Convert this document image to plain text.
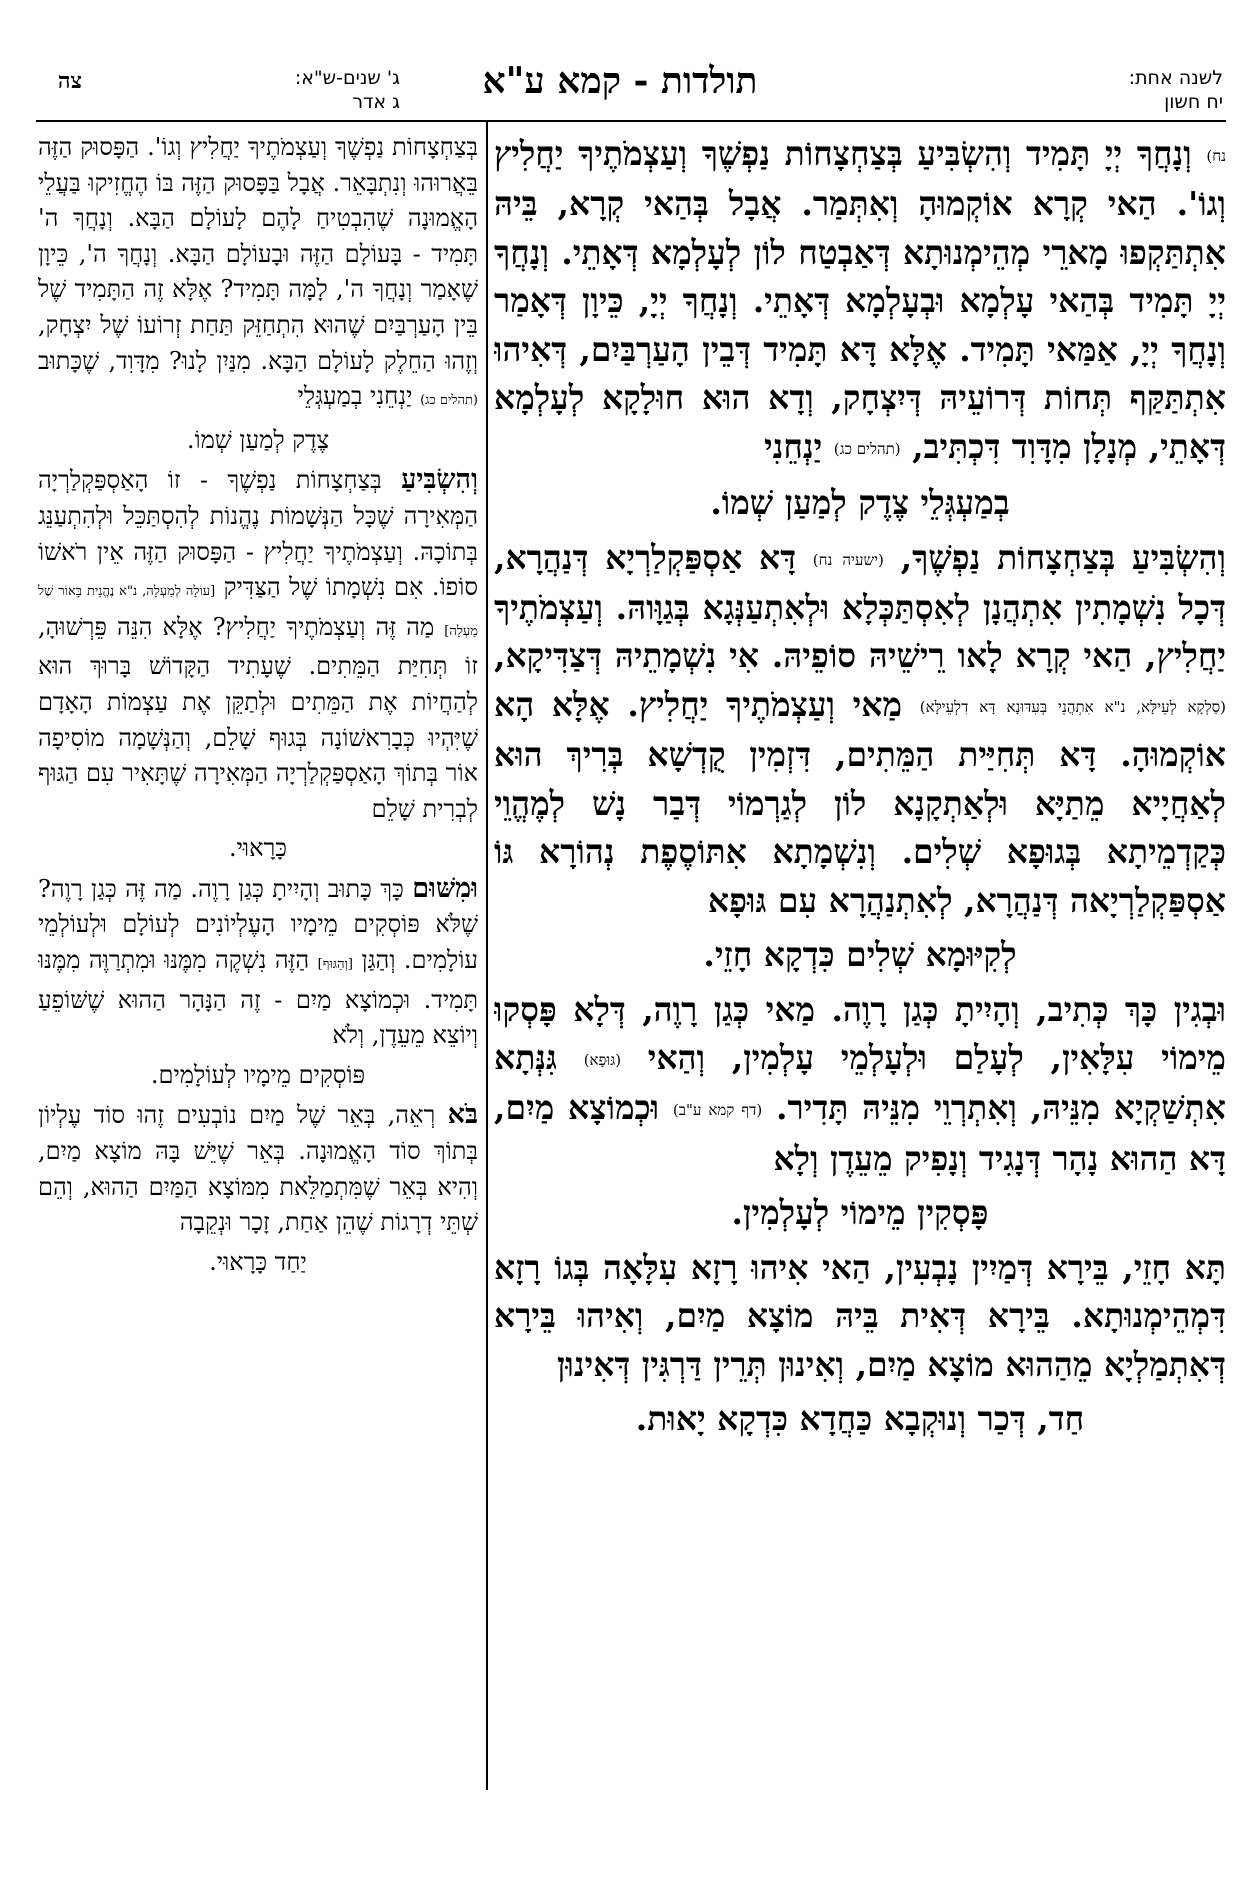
לשנה אחת:
יח חשון
תולדות - קמא ע"א
ג' שנים-ש"א:
ג אדר
צה

נח) וְנָחֲךָ יְיָ תָּמִיד וְהִשְׂבִּיעַ בְּצַחְצָחוֹת נַפְשֶׁךָ וְעַצְמֹתֶיךָ יַחֲלִיץ וְגוֹ'. הַאי קְרָא אוֹקְמוּהָ וְאִתְּמַר. אֲבָל בְּהַאי קְרָא, בֵּיהּ אִתְתַּקְפוּ מָארֵי מְהֵימְנוּתָא דְּאַבְטַח לוֹן לְעָלְמָא דְּאָתֵי. וְנָחֲךָ יְיָ תָּמִיד בְּהַאי עָלְמָא וּבְעָלְמָא דְּאָתֵי. וְנָחֲךָ יְיָ, כֵּיוָן דְּאָמַר וְנָחֲךָ יְיָ, אַמַּאי תָּמִיד. אֶלָּא דָּא תָּמִיד דְּבֵין הָעַרְבַּיִם, דְּאִיהוּ אִתְתַּקַּף תְּחוֹת דְּרוֹעֵיהּ דְּיִצְחָק, וְדָא הוּא חוּלָקָא לְעָלְמָא דְּאָתֵי, מְנָלָן מִדָּוִד דִּכְתִּיב, (תהלים כג) יַנְחֵנִי

בְמַעְגְּלֵי צֶדֶק לְמַעַן שְׁמוֹ.

וְהִשְׂבִּיעַ בְּצַחְצָחוֹת נַפְשֶׁךָ, (ישעיה נח) דָּא אַסְפַּקְלַרְיָא דְּנַהֲרָא, דְּכָל נִשְׁמָתִין אִתְהֲנָן לְאִסְתַּכְּלָא וּלְאִתְעַנְּגָא בְּגַוָּוהּ. וְעַצְמֹתֶיךָ יַחֲלִיץ, הַאי קְרָא לָאו רֵישֵׁיהּ סוֹפֵיהּ. אִי נִשְׁמָתֵיהּ דְּצַדִּיקָא, (סַלְקָא לְעֵילָּא, נ"א אִתְהֲנֵי בְּעִדּוּנָא דָּא דִלְעֵילָּא) מַאי וְעַצְמֹתֶיךָ יַחֲלִיץ. אֶלָּא הָא אוֹקְמוּהָ. דָּא תְּחִיַּית הַמֵּתִים, דִּזְמִין קֻדְשָׁא בְּרִיךְ הוּא לְאַחֲיָיא מֵתַיָּא וּלְאַתְקָנָא לוֹן לְגַרְמוֹי דְּבַר נָשׁ לְמֶהֱוֵי כְּקַדְמֵיתָא בְּגוּפָא שְׁלִים. וְנִשְׁמָתָא אִתּוֹסֶפֶת נְהוֹרָא גּוֹ אַסְפַּקְלַרְיָאה דְּנַהֲרָא, לְאִתְנַהֲרָא עִם גּוּפָא

לְקִיּוּמָא שְׁלִים כִּדְקָא חָזֵי.

וּבְגִין כָּךְ כְּתִיב, וְהָיִיתָ כְּגַן רָוֶה. מַאי כְּגַן רָוֶה, דְּלָא פָּסְקוּ מֵימוֹי עִלָּאִין, לְעָלַם וּלְעָלְמֵי עָלְמִין, וְהַאי (גּוּפָא) גִּנְּתָא אִתְשַׁקְיָא מִנֵּיהּ, וְאִתְרְוֵי מִנֵּיהּ תָּדִיר. (דף קמא ע"ב) וּכְמוֹצָא מַיִם, דָּא הַהוּא נָהָר דְּנָגִיד וְנָפִיק מֵעֵדֶן וְלָא

פָּסְקִין מֵימוֹי לְעָלְמִין.

תָּא חָזֵי, בֵּירָא דְּמַיִין נָבְעִין, הַאי אִיהוּ רָזָא עִלָּאָה בְּגוֹ רָזָא דִּמְהֵימְנוּתָא. בֵּירָא דְּאִית בֵּיהּ מוֹצָא מַיִם, וְאִיהוּ בֵּירָא דְּאִתְמַלְיָא מֵהַהוּא מוֹצָא מַיִם, וְאִינוּן תְּרֵין דַּרְגִּין דְּאִינוּן

חַד, דְּכַר וְנוּקְבָא כַּחֲדָא כִּדְקָא יָאוּת.

בְּצַחְצָחוֹת נַפְשֶׁךָ וְעַצְמֹתֶיךָ יַחֲלִיץ וְגוֹ'. הַפָּסוּק הַזֶּה בֵּאֲרוּהוּ וְנִתְבָּאֵר. אֲבָל בַּפָּסוּק הַזֶּה בּוֹ הֶחֱזִיקוּ בַּעֲלֵי הָאֱמוּנָה שֶׁהִבְטִיחַ לָהֶם לָעוֹלָם הַבָּא. וְנָחֲךָ ה' תָּמִיד - בָּעוֹלָם הַזֶּה וּבָעוֹלָם הַבָּא. וְנָחֲךָ ה', כֵּיוָן שֶׁאָמַר וְנָחֲךָ ה', לָמָּה תָּמִיד? אֶלָּא זֶה הַתָּמִיד שֶׁל בֵּין הָעַרְבַּיִם שֶׁהוּא הִתְחַזֵּק תַּחַת זְרוֹעוֹ שֶׁל יִצְחָק, וְזֶהוּ הַחֵלֶק לָעוֹלָם הַבָּא. מִנַּיִן לָנוּ? מִדָּוִד, שֶׁכָּתוּב (תהלים כג) יַנְחֵנִי בְמַעְגְּלֵי

צֶדֶק לְמַעַן שְׁמוֹ.

וְהִשְׂבִּיעַ בְּצַחְצָחוֹת נַפְשֶׁךָ - זוֹ הָאַסְפַּקְלַרְיָה הַמְּאִירָה שֶׁכָּל הַנְּשָׁמוֹת נֶהֱנוֹת לְהִסְתַּכֵּל וּלְהִתְעַנֵּג בְּתוֹכָהּ. וְעַצְמֹתֶיךָ יַחֲלִיץ - הַפָּסוּק הַזֶּה אֵין רֹאשׁוֹ סוֹפוֹ. אִם נִשְׁמָתוֹ שֶׁל הַצַּדִּיק [עוֹלָה לְמַעְלָה, נ"א נֶהֱנֵית בָּאוֹר שֶׁל מַעְלָה] מַה זֶּה וְעַצְמֹתֶיךָ יַחֲלִיץ? אֶלָּא הִנֵּה פֵּרְשׁוּהָ, זוֹ תְּחִיַּת הַמֵּתִים. שֶׁעָתִיד הַקָּדוֹשׁ בָּרוּךְ הוּא לְהַחֲיוֹת אֶת הַמֵּתִים וּלְתַקֵּן אֶת עַצְמוֹת הָאָדָם שֶׁיִּהְיוּ כְּבָרִאשׁוֹנָה בְּגוּף שָׁלֵם, וְהַנְּשָׁמָה מוֹסִיפָה אוֹר בְּתוֹךְ הָאַסְפַּקְלַרְיָה הַמְּאִירָה שֶׁתָּאִיר עִם הַגּוּף לְבְרִית שָׁלֵם

כָּרָאוּי.

וּמִשּׁוּם כָּךְ כָּתוּב וְהָיִיתָ כְּגַן רָוֶה. מַה זֶּה כְּגַן רָוֶה? שֶׁלֹּא פּוֹסְקִים מֵימָיו הָעֶלְיוֹנִים לְעוֹלָם וּלְעוֹלְמֵי עוֹלָמִים. וְהַגַּן [וְהַגּוּף] הַזֶּה נִשְׁקֶה מִמֶּנּוּ וּמִתְרַוֶּה מִמֶּנּוּ תָּמִיד. וּכְמוֹצָא מַיִם - זֶה הַנָּהָר הַהוּא שֶׁשּׁוֹפֵעַ וְיוֹצֵא מֵעֵדֶן, וְלֹא

פּוֹסְקִים מֵימָיו לְעוֹלָמִים.

בֹּא רְאֵה, בְּאֵר שֶׁל מַיִם נוֹבְעִים זֶהוּ סוֹד עֶלְיוֹן בְּתוֹךְ סוֹד הָאֱמוּנָה. בְּאֵר שֶׁיֵּשׁ בָּהּ מוֹצָא מַיִם, וְהִיא בְּאֵר שֶׁמִּתְמַלֵּאת מִמּוֹצָא הַמַּיִם הַהוּא, וְהֵם שְׁתֵּי דְרָגוֹת שֶׁהֵן אַחַת, זָכָר וּנְקֵבָה

יַחַד כָּרָאוּי.
